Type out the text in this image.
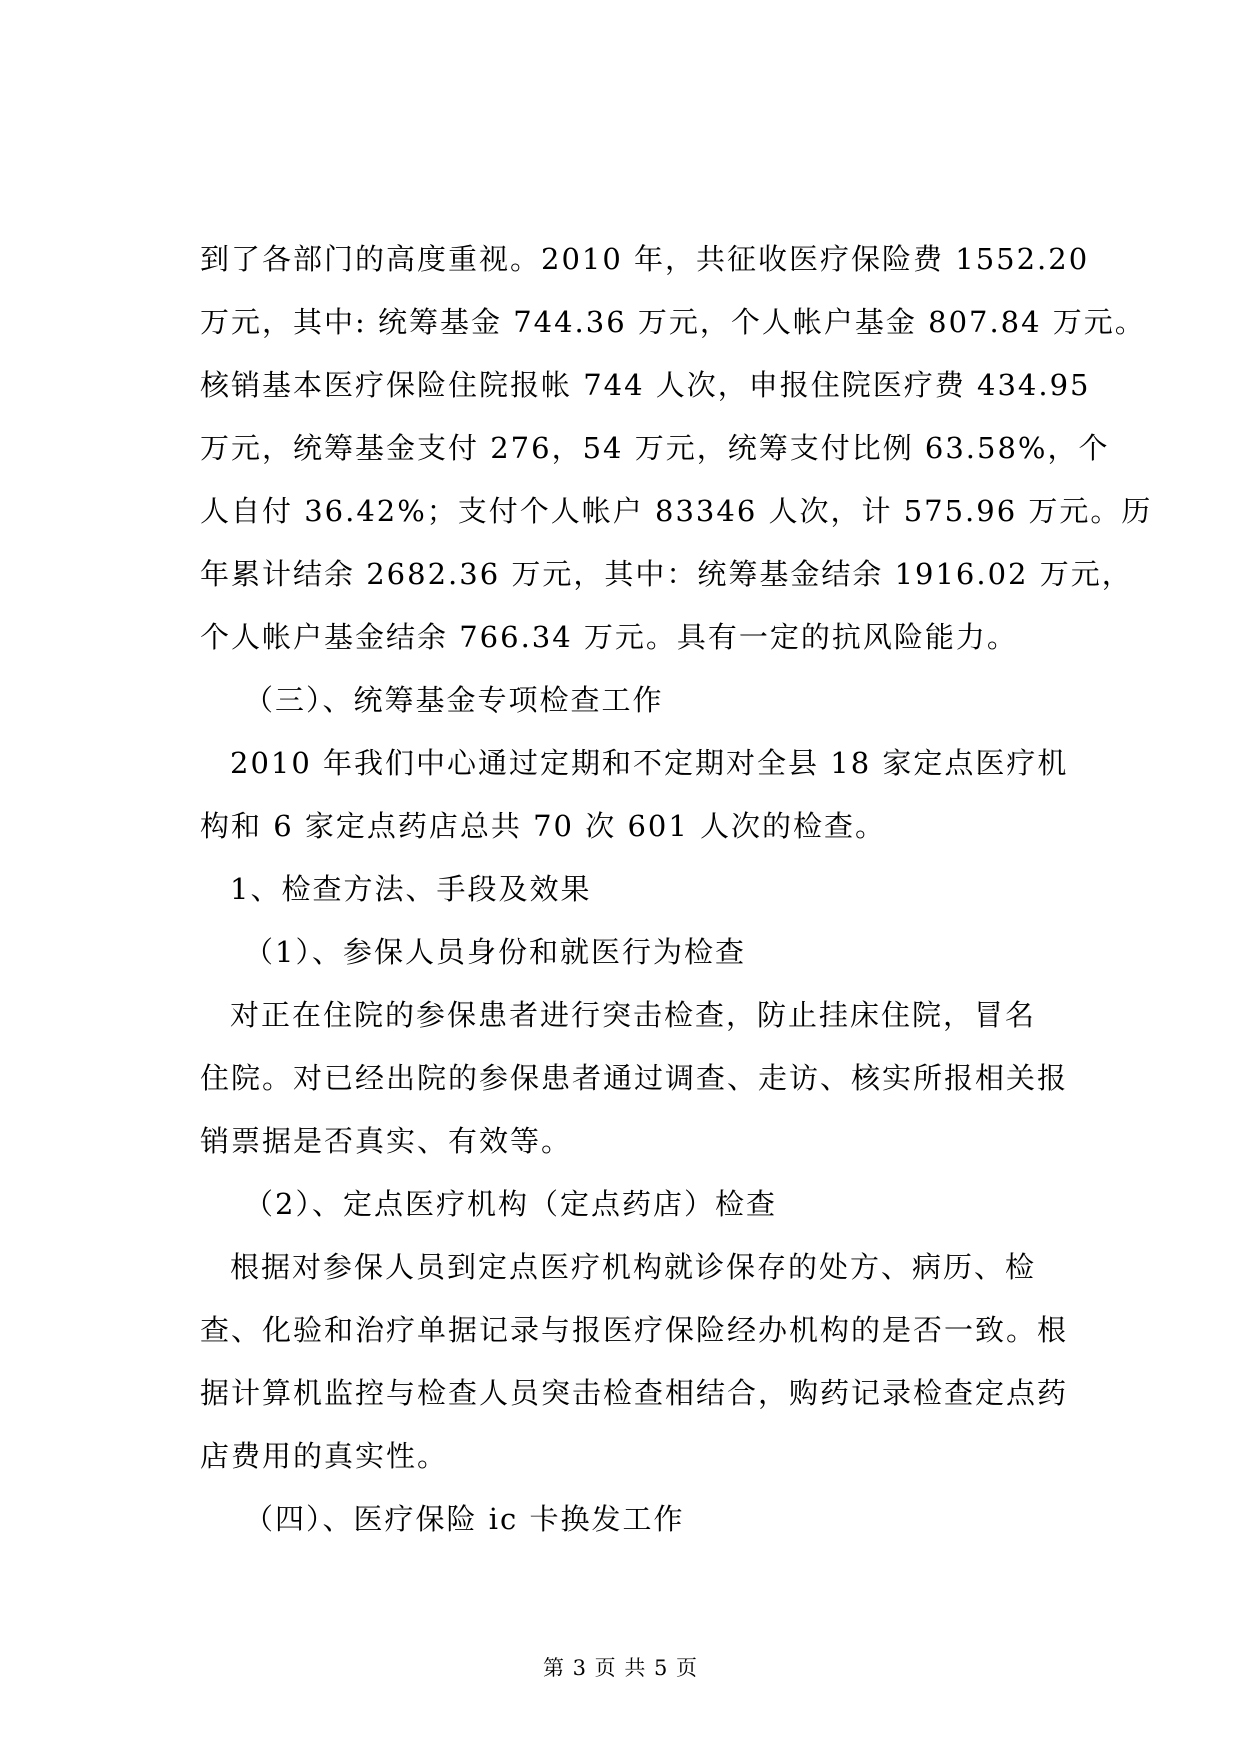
到了各部门的高度重视。2010 年，共征收医疗保险费 1552.20
万元，其中: 统筹基金 744.36 万元，个人帐户基金 807.84 万元。
核销基本医疗保险住院报帐 744 人次，申报住院医疗费 434.95
万元，统筹基金支付 276，54 万元，统筹支付比例 63.58%，个
人自付 36.42%；支付个人帐户 83346 人次，计 575.96 万元。历
年累计结余 2682.36 万元，其中：统筹基金结余 1916.02 万元，
个人帐户基金结余 766.34 万元。具有一定的抗风险能力。
（三）、统筹基金专项检查工作
2010 年我们中心通过定期和不定期对全县 18 家定点医疗机
构和 6 家定点药店总共 70 次 601 人次的检查。
1、检查方法、手段及效果
（1）、参保人员身份和就医行为检查
对正在住院的参保患者进行突击检查，防止挂床住院，冒名
住院。对已经出院的参保患者通过调查、走访、核实所报相关报
销票据是否真实、有效等。
（2）、定点医疗机构（定点药店）检查
根据对参保人员到定点医疗机构就诊保存的处方、病历、检
查、化验和治疗单据记录与报医疗保险经办机构的是否一致。根
据计算机监控与检查人员突击检查相结合，购药记录检查定点药
店费用的真实性。
（四）、医疗保险 ic 卡换发工作
第 3 页 共 5 页
